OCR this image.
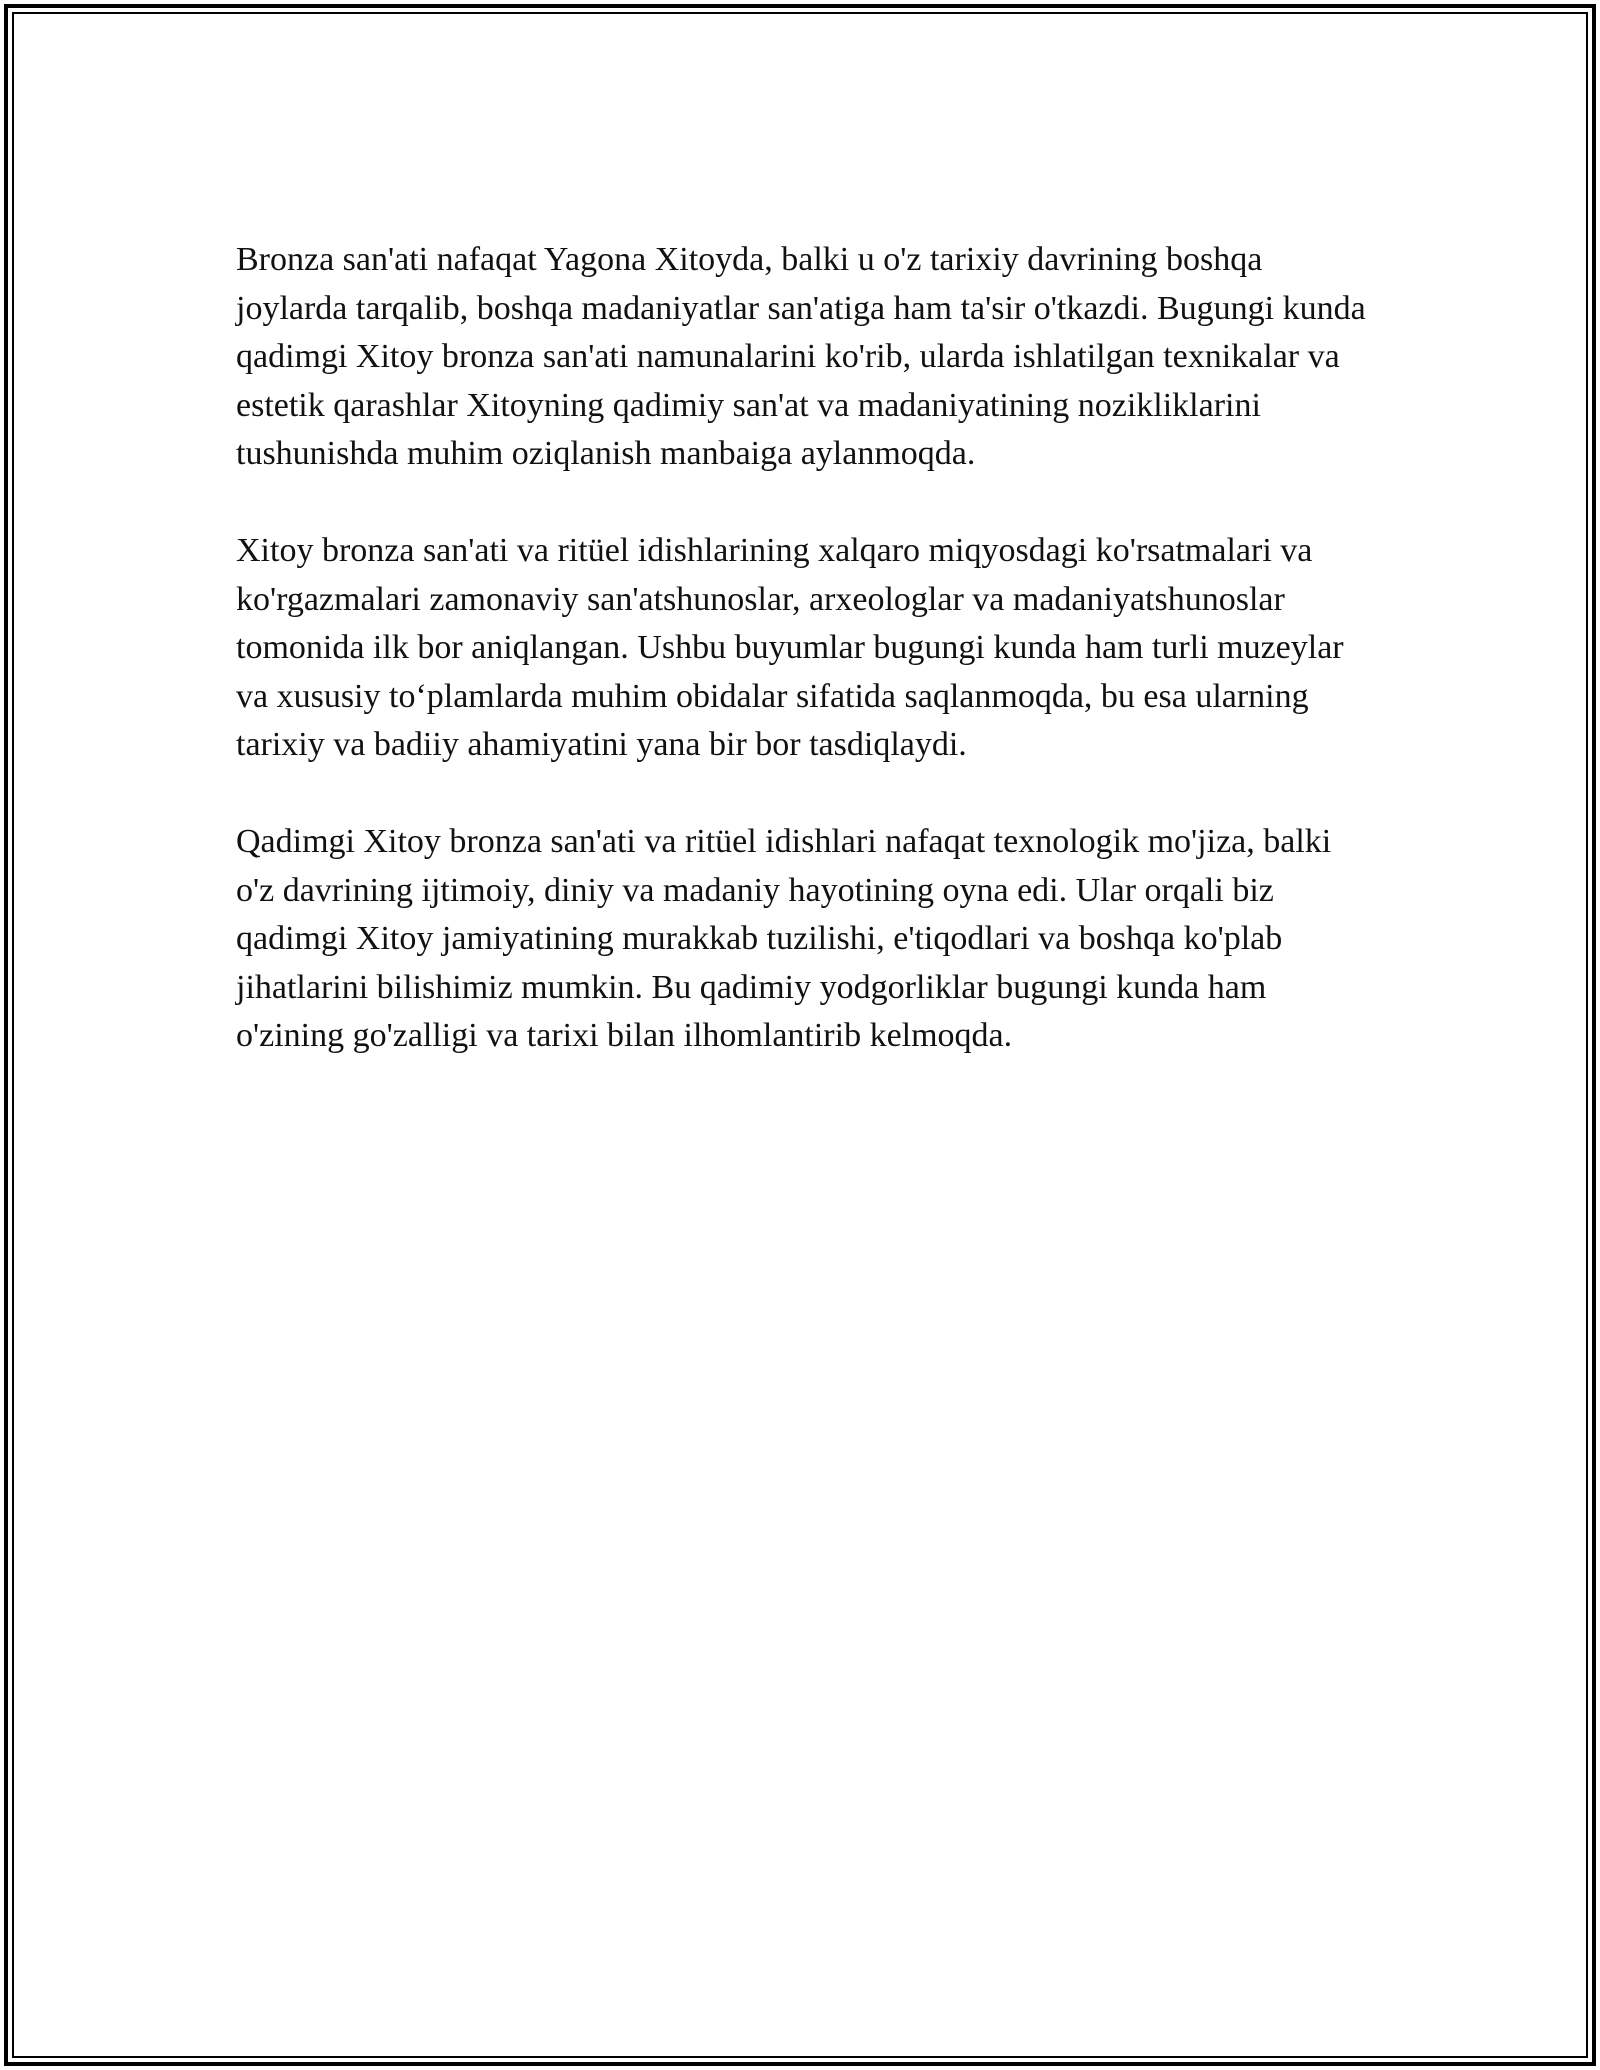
Bronza san'ati nafaqat Yagona Xitoyda, balki u o'z tarixiy davrining boshqa joylarda tarqalib, boshqa madaniyatlar san'atiga ham ta'sir o'tkazdi. Bugungi kunda qadimgi Xitoy bronza san'ati namunalarini ko'rib, ularda ishlatilgan texnikalar va estetik qarashlar Xitoyning qadimiy san'at va madaniyatining nozikliklarini tushunishda muhim oziqlanish manbaiga aylanmoqda.

Xitoy bronza san'ati va ritüel idishlarining xalqaro miqyosdagi ko'rsatmalari va ko'rgazmalari zamonaviy san'atshunoslar, arxeologlar va madaniyatshunoslar tomonida ilk bor aniqlangan. Ushbu buyumlar bugungi kunda ham turli muzeylar va xususiy to‘plamlarda muhim obidalar sifatida saqlanmoqda, bu esa ularning tarixiy va badiiy ahamiyatini yana bir bor tasdiqlaydi.

Qadimgi Xitoy bronza san'ati va ritüel idishlari nafaqat texnologik mo'jiza, balki o'z davrining ijtimoiy, diniy va madaniy hayotining oyna edi. Ular orqali biz qadimgi Xitoy jamiyatining murakkab tuzilishi, e'tiqodlari va boshqa ko'plab jihatlarini bilishimiz mumkin. Bu qadimiy yodgorliklar bugungi kunda ham o'zining go'zalligi va tarixi bilan ilhomlantirib kelmoqda.
